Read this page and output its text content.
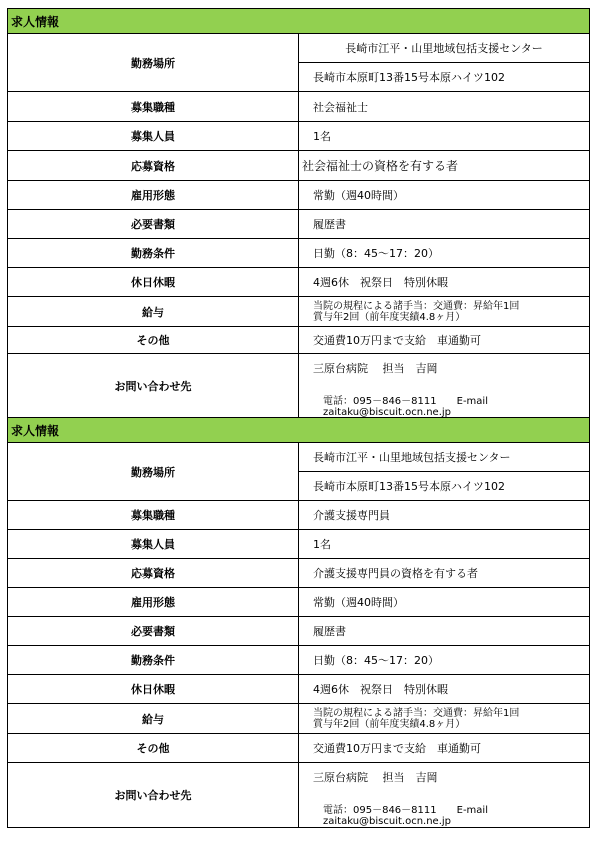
求人情報	
勤務場所	長崎市江平・山里地域包括支援センター
	長崎市本原町13番15号本原ハイツ102
募集職種	社会福祉士
募集人員	1名
応募資格	社会福祉士の資格を有する者
雇用形態	常勤（週40時間）
必要書類	履歴書
勤務条件	日勤（8：45〜17：20）
休日休暇	4週6休　祝祭日　特別休暇
給与	当院の規程による諸手当：交通費：昇給年1回
賞与年2回（前年度実績4.8ヶ月）

その他	交通費10万円まで支給　車通勤可
お問い合わせ先	三原台病院　 担当　吉岡
電話：095－846－8111 E-mail　zaitaku@biscuit.ocn.ne.jp
求人情報	
勤務場所	長崎市江平・山里地域包括支援センター
	長崎市本原町13番15号本原ハイツ102
募集職種	介護支援専門員
募集人員	1名
応募資格	介護支援専門員の資格を有する者
雇用形態	常勤（週40時間）
必要書類	履歴書
勤務条件	日勤（8：45〜17：20）
休日休暇	4週6休　祝祭日　特別休暇
給与	当院の規程による諸手当：交通費：昇給年1回
賞与年2回（前年度実績4.8ヶ月）

その他	交通費10万円まで支給　車通勤可
お問い合わせ先	三原台病院　 担当　吉岡
電話：095－846－8111 E-mail　zaitaku@biscuit.ocn.ne.jp
